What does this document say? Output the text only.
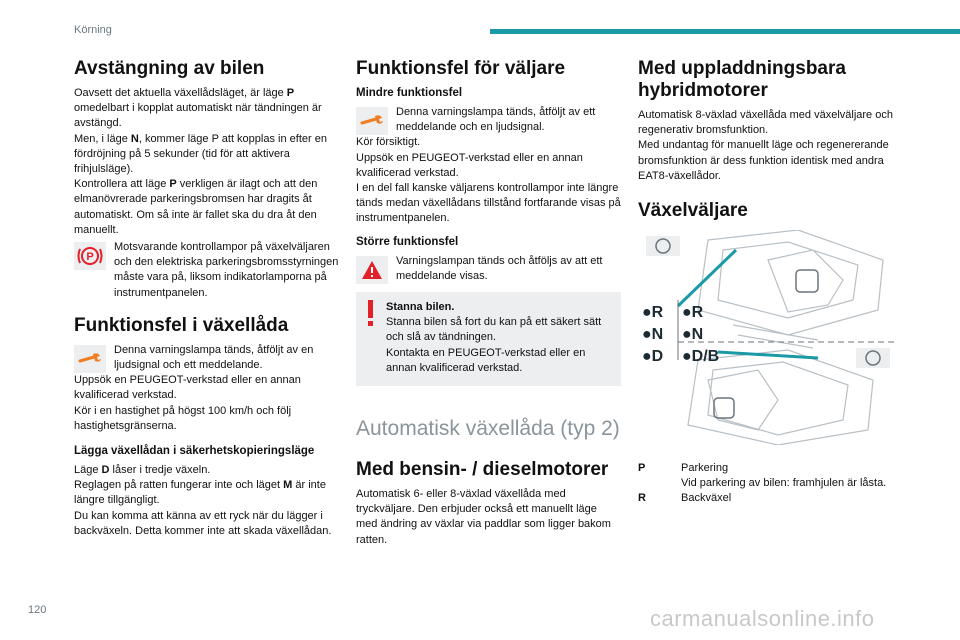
Körning
Avstängning av bilen

Oavsett det aktuella växellådsläget, är läge P omedelbart i kopplat automatiskt när tändningen är avstängd.

Men, i läge N, kommer läge P att kopplas in efter en fördröjning på 5 sekunder (tid för att aktivera frihjulsläge).

Kontrollera att läge P verkligen är ilagt och att den elmanövrerade parkeringsbromsen har dragits åt automatiskt. Om så inte är fallet ska du dra åt den manuellt.

P
Motsvarande kontrollampor på växelväljaren och den elektriska parkeringsbromsstyrningen måste vara på, liksom indikatorlamporna på instrumentpanelen.
Funktionsfel i växellåda
Denna varningslampa tänds, åtföljt av en ljudsignal och ett meddelande.

Uppsök en PEUGEOT-verkstad eller en annan kvalificerad verkstad.

Kör i en hastighet på högst 100 km/h och följ hastighetsgränserna.

Lägga växellådan i säkerhetskopieringsläge

Läge D låser i tredje växeln.

Reglagen på ratten fungerar inte och läget M är inte längre tillgängligt.

Du kan komma att känna av ett ryck när du lägger i backväxeln. Detta kommer inte att skada växellådan.

Funktionsfel för väljare
Mindre funktionsfel
Denna varningslampa tänds, åtföljt av ett meddelande och en ljudsignal.

Kör försiktigt.

Uppsök en PEUGEOT-verkstad eller en annan kvalificerad verkstad.

I en del fall kanske väljarens kontrollampor inte längre tänds medan växellådans tillstånd fortfarande visas på instrumentpanelen.

Större funktionsfel
Varningslampan tänds och åtföljs av att ett meddelande visas.

Stanna bilen.

Stanna bilen så fort du kan på ett säkert sätt och slå av tändningen.

Kontakta en PEUGEOT-verkstad eller en annan kvalificerad verkstad.

Automatisk växellåda (typ 2)
Med bensin- / dieselmotorer

Automatisk 6- eller 8-växlad växellåda med tryckväljare. Den erbjuder också ett manuellt läge med ändring av växlar via paddlar som ligger bakom ratten.

Med uppladdningsbara hybridmotorer

Automatisk 8-växlad växellåda med växelväljare och regenerativ bromsfunktion.

Med undantag för manuellt läge och regenererande bromsfunktion är dess funktion identisk med andra EAT8-växellådor.

Växelväljare
●R
●N
●D
●R
●N
●D/B
P	Parkering
Vid parkering av bilen: framhjulen är låsta.
R	Backväxel
120	carmanualsonline.info
